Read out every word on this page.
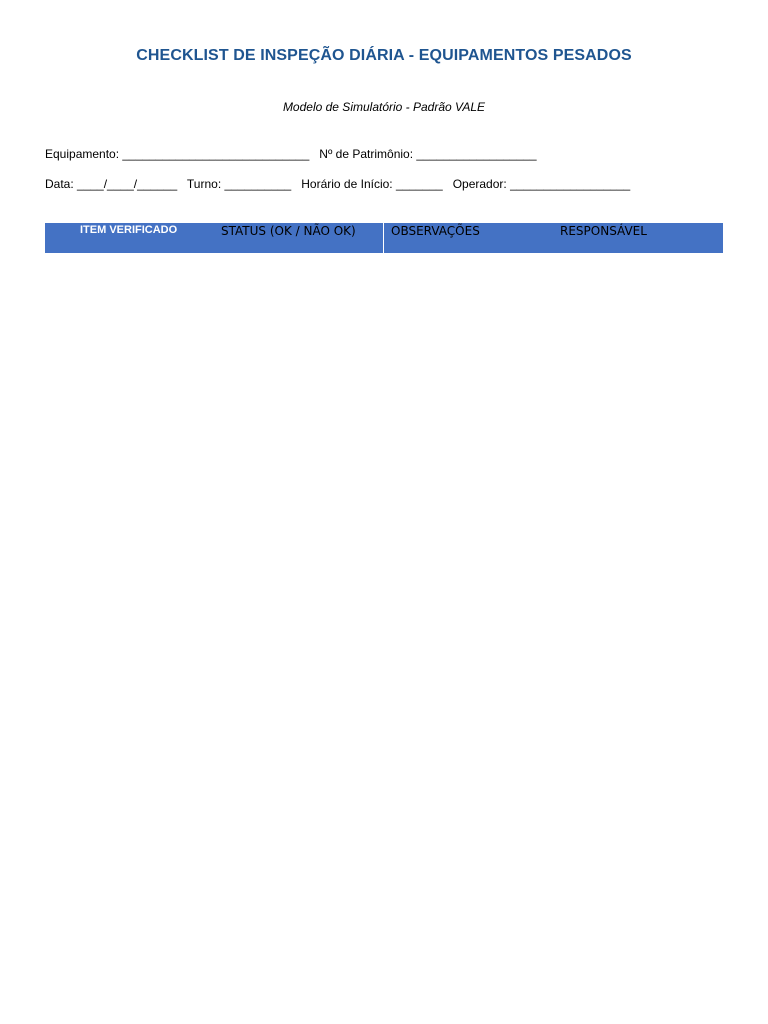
CHECKLIST DE INSPEÇÃO DIÁRIA - EQUIPAMENTOS PESADOS
Modelo de Simulatório - Padrão VALE
Equipamento: ____________________________ Nº de Patrimônio: __________________
Data: ____/____/______ Turno: __________ Horário de Início: _______ Operador: __________________
ITEM VERIFICADO	STATUS (OK / NÃO OK)	OBSERVAÇÕES	RESPONSÁVEL
